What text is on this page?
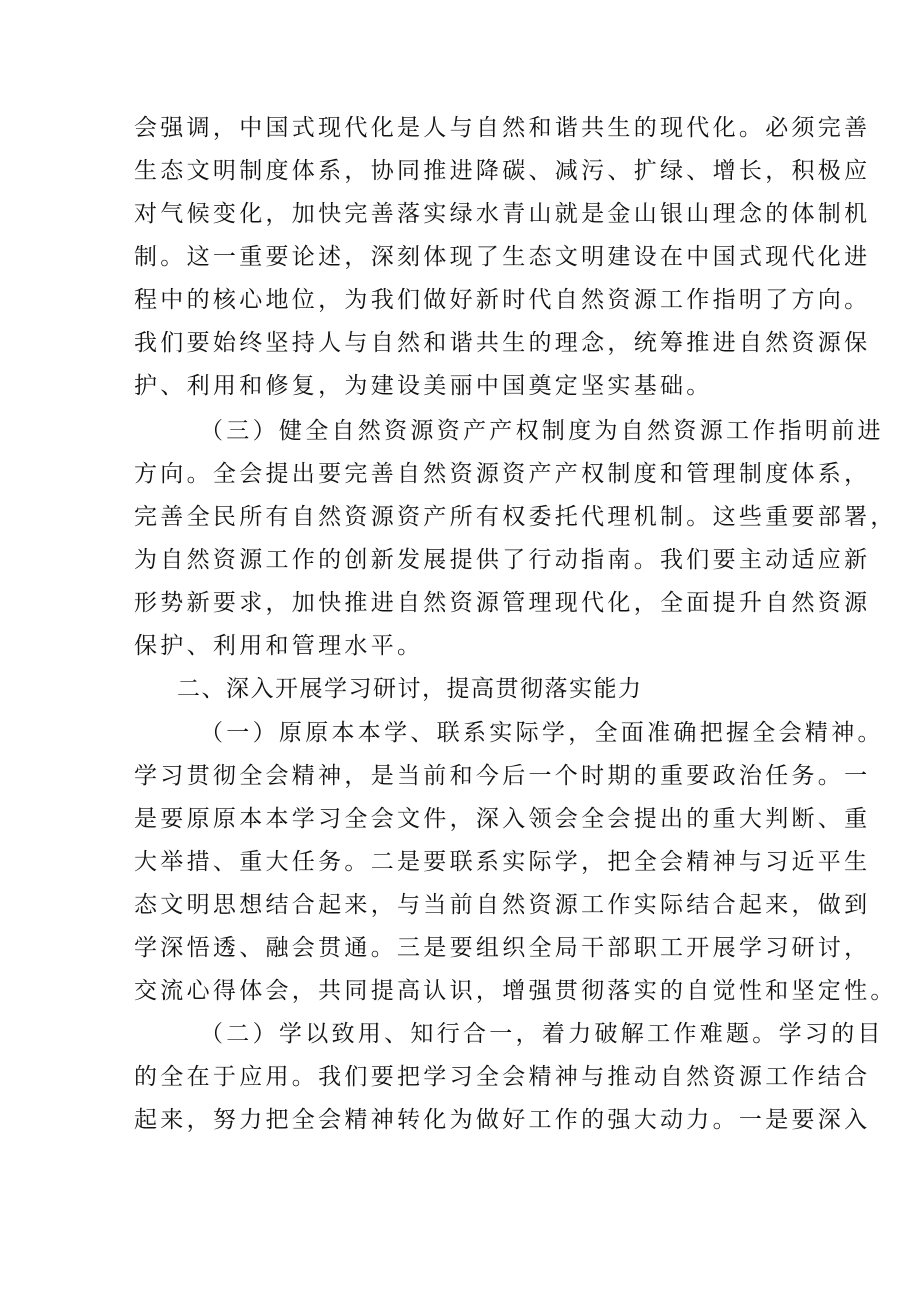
会强调，中国式现代化是人与自然和谐共生的现代化。必须完善
生态文明制度体系，协同推进降碳、减污、扩绿、增长，积极应
对气候变化，加快完善落实绿水青山就是金山银山理念的体制机
制。这一重要论述，深刻体现了生态文明建设在中国式现代化进
程中的核心地位，为我们做好新时代自然资源工作指明了方向。
我们要始终坚持人与自然和谐共生的理念，统筹推进自然资源保
护、利用和修复，为建设美丽中国奠定坚实基础。
（三）健全自然资源资产产权制度为自然资源工作指明前进
方向。全会提出要完善自然资源资产产权制度和管理制度体系，
完善全民所有自然资源资产所有权委托代理机制。这些重要部署，
为自然资源工作的创新发展提供了行动指南。我们要主动适应新
形势新要求，加快推进自然资源管理现代化，全面提升自然资源
保护、利用和管理水平。
二、深入开展学习研讨，提高贯彻落实能力
（一）原原本本学、联系实际学，全面准确把握全会精神。
学习贯彻全会精神，是当前和今后一个时期的重要政治任务。一
是要原原本本学习全会文件，深入领会全会提出的重大判断、重
大举措、重大任务。二是要联系实际学，把全会精神与习近平生
态文明思想结合起来，与当前自然资源工作实际结合起来，做到
学深悟透、融会贯通。三是要组织全局干部职工开展学习研讨，
交流心得体会，共同提高认识，增强贯彻落实的自觉性和坚定性。
（二）学以致用、知行合一，着力破解工作难题。学习的目
的全在于应用。我们要把学习全会精神与推动自然资源工作结合
起来，努力把全会精神转化为做好工作的强大动力。一是要深入
